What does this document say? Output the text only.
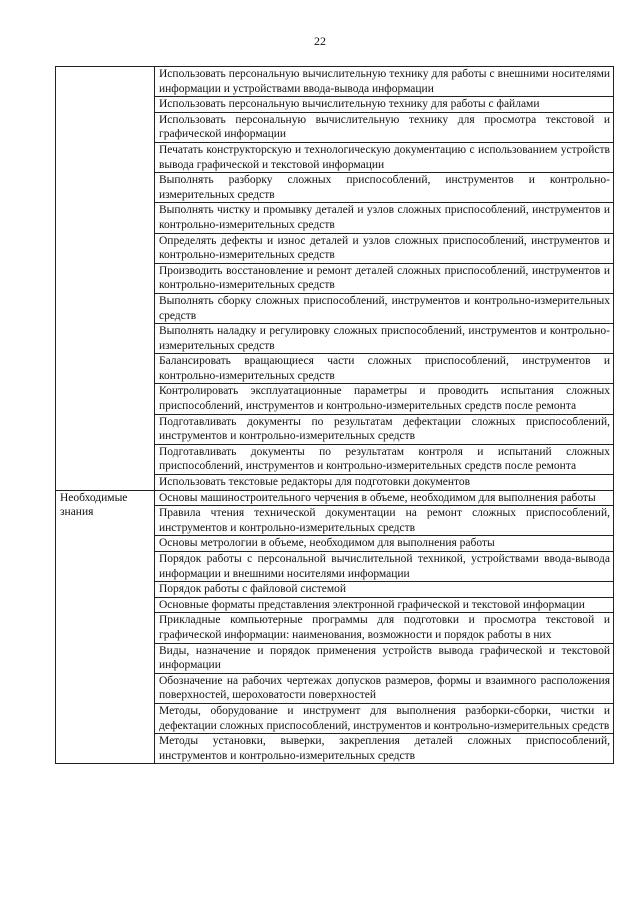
22
	Использовать персональную вычислительную технику для работы с внешними носителями информации и устройствами ввода-вывода информации
	Использовать персональную вычислительную технику для работы с файлами
	Использовать персональную вычислительную технику для просмотра текстовой и графической информации
	Печатать конструкторскую и технологическую документацию с использованием устройств вывода графической и текстовой информации
	Выполнять разборку сложных приспособлений, инструментов и контрольно-измерительных средств
	Выполнять чистку и промывку деталей и узлов сложных приспособлений, инструментов и контрольно-измерительных средств
	Определять дефекты и износ деталей и узлов сложных приспособлений, инструментов и контрольно-измерительных средств
	Производить восстановление и ремонт деталей сложных приспособлений, инструментов и контрольно-измерительных средств
	Выполнять сборку сложных приспособлений, инструментов и контрольно-измерительных средств
	Выполнять наладку и регулировку сложных приспособлений, инструментов и контрольно-измерительных средств
	Балансировать вращающиеся части сложных приспособлений, инструментов и контрольно-измерительных средств
	Контролировать эксплуатационные параметры и проводить испытания сложных приспособлений, инструментов и контрольно-измерительных средств после ремонта
	Подготавливать документы по результатам дефектации сложных приспособлений, инструментов и контрольно-измерительных средств
	Подготавливать документы по результатам контроля и испытаний сложных приспособлений, инструментов и контрольно-измерительных средств после ремонта
	Использовать текстовые редакторы для подготовки документов
Необходимые знания	Основы машиностроительного черчения в объеме, необходимом для выполнения работы
	Правила чтения технической документации на ремонт сложных приспособлений, инструментов и контрольно-измерительных средств
	Основы метрологии в объеме, необходимом для выполнения работы
	Порядок работы с персональной вычислительной техникой, устройствами ввода-вывода информации и внешними носителями информации
	Порядок работы с файловой системой
	Основные форматы представления электронной графической и текстовой информации
	Прикладные компьютерные программы для подготовки и просмотра текстовой и графической информации: наименования, возможности и порядок работы в них
	Виды, назначение и порядок применения устройств вывода графической и текстовой информации
	Обозначение на рабочих чертежах допусков размеров, формы и взаимного расположения поверхностей, шероховатости поверхностей
	Методы, оборудование и инструмент для выполнения разборки-сборки, чистки и дефектации сложных приспособлений, инструментов и контрольно-измерительных средств
	Методы установки, выверки, закрепления деталей сложных приспособлений, инструментов и контрольно-измерительных средств
